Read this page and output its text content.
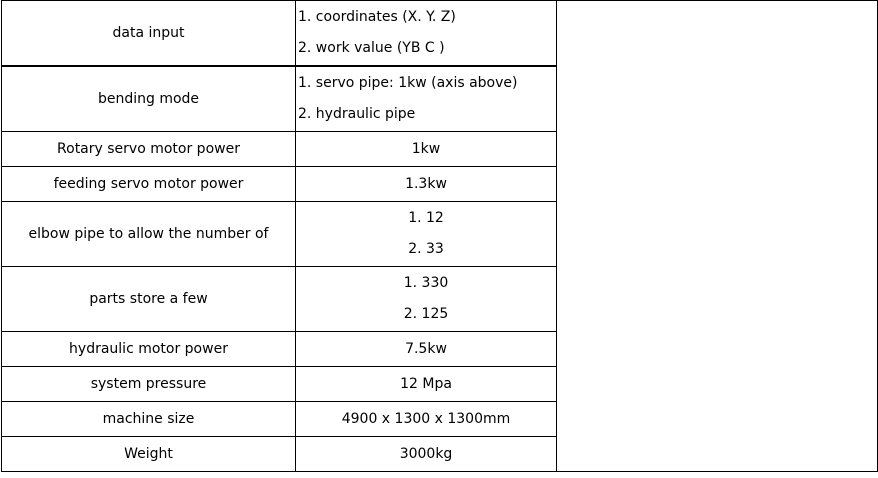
data input	1. coordinates (X. Y. Z)
2. work value (YB C )	

bending mode	1. servo pipe: 1kw (axis above)
2. hydraulic pipe	

Rotary servo motor power	1kw	
feeding servo motor power	1.3kw	
elbow pipe to allow the number of	1. 12
2. 33	

parts store a few	1. 330
2. 125	

hydraulic motor power	7.5kw	
system pressure	12 Mpa	
machine size	4900 x 1300 x 1300mm	
Weight	3000kg	
